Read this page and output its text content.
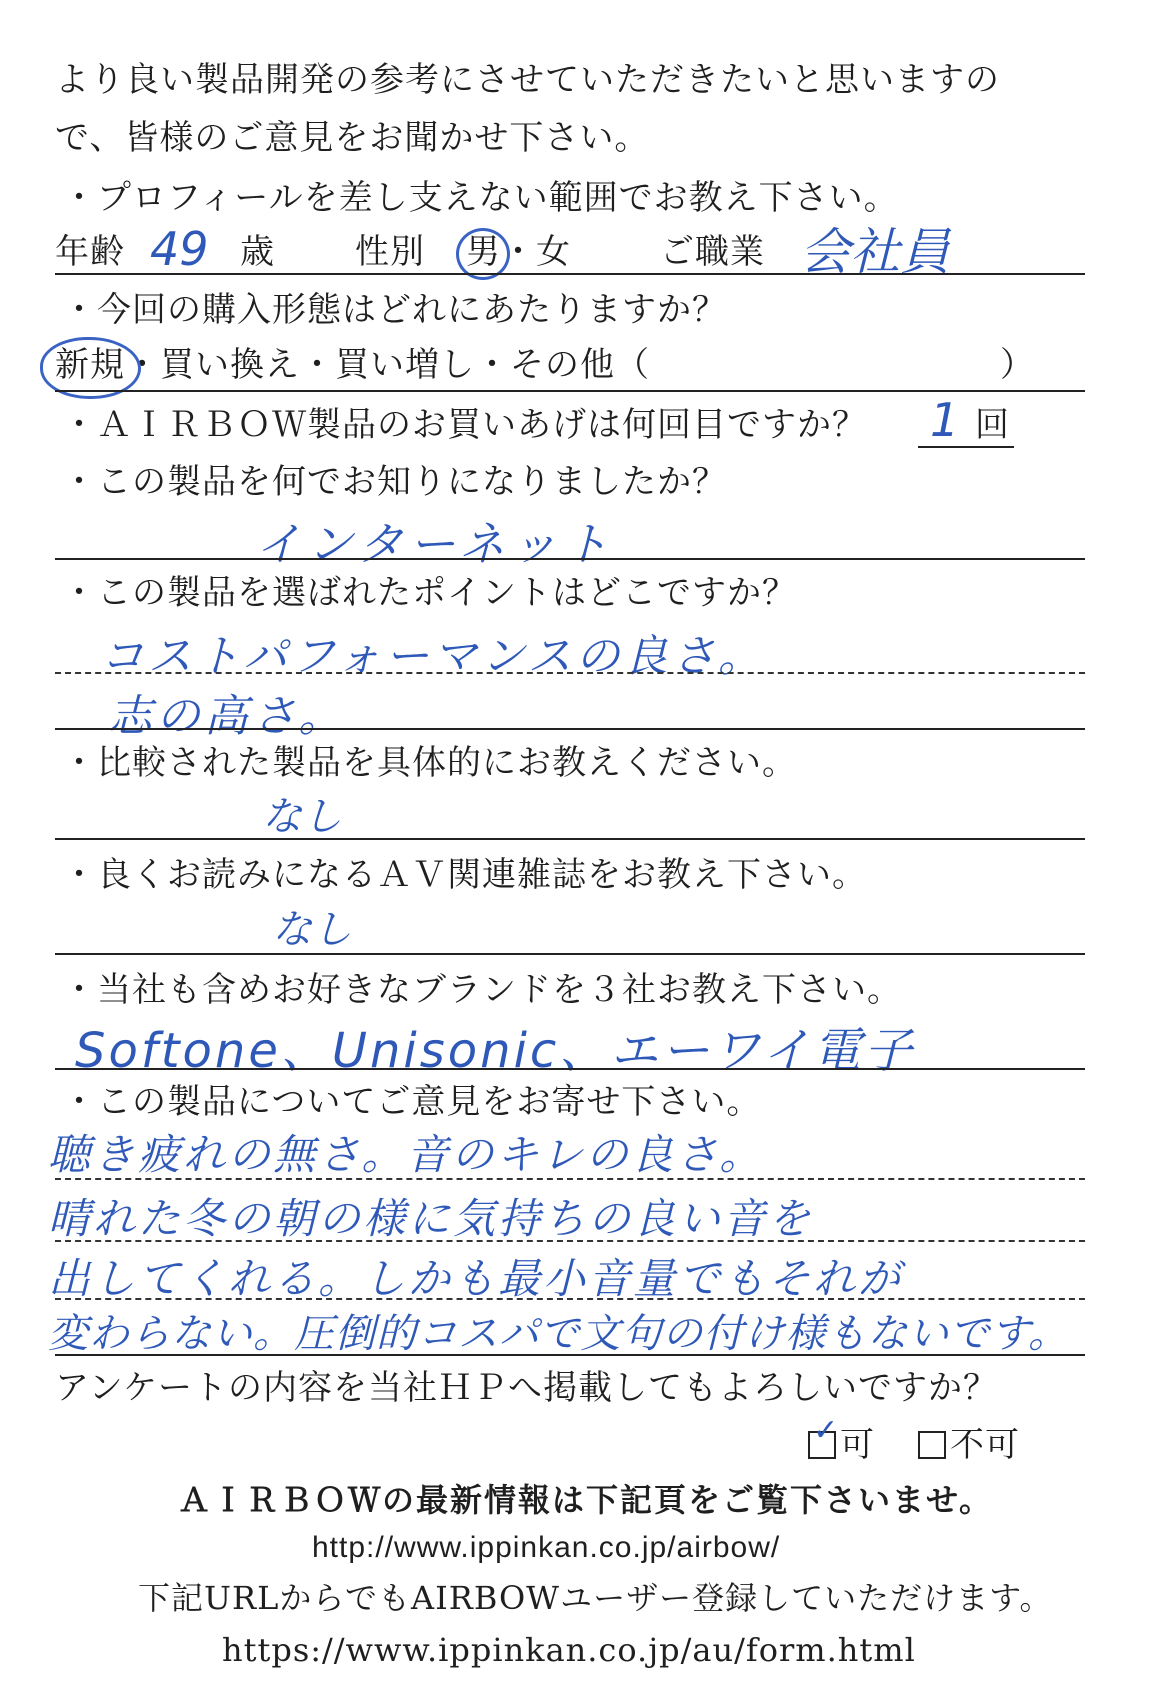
より良い製品開発の参考にさせていただきたいと思いますの
で、皆様のご意見をお聞かせ下さい。
・プロフィールを差し支えない範囲でお教え下さい。
年齢 49 歳 性別 男・女	ご職業 会社員
・今回の購入形態はどれにあたりますか？
新規・買い換え・買い増し・その他（　　　　　　　　　　）
・ＡＩＲＢＯＷ製品のお買いあげは何回目ですか？ 1 回
・この製品を何でお知りになりましたか？
インターネット
・この製品を選ばれたポイントはどこですか？
コストパフォーマンスの良さ。
志の高さ。
・比較された製品を具体的にお教えください。
なし
・良くお読みになるＡＶ関連雑誌をお教え下さい。
なし
・当社も含めお好きなブランドを３社お教え下さい。
Softone、Unisonic、エーワイ電子
・この製品についてご意見をお寄せ下さい。
聴き疲れの無さ。音のキレの良さ。
晴れた冬の朝の様に気持ちの良い音を
出してくれる。しかも最小音量でもそれが
変わらない。圧倒的コスパで文句の付け様もないです。
アンケートの内容を当社ＨＰへ掲載してもよろしいですか？
✓ 可	不可
ＡＩＲＢＯＷの最新情報は下記頁をご覧下さいませ。
http://www.ippinkan.co.jp/airbow/
下記URLからでもAIRBOWユーザー登録していただけます。
https://www.ippinkan.co.jp/au/form.html
